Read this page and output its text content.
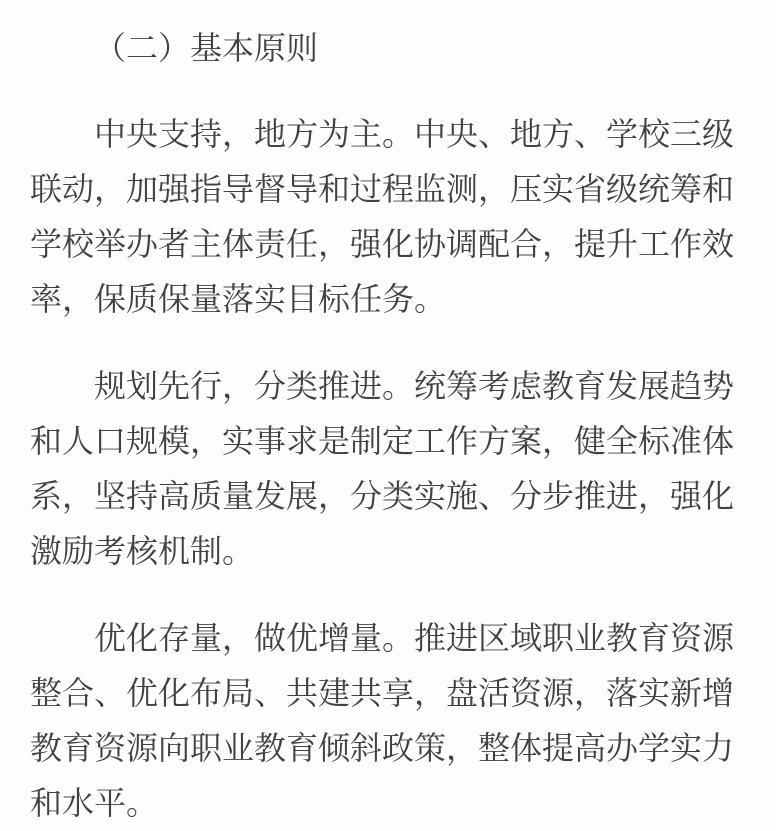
（二）基本原则

中央支持，地方为主。中央、地方、学校三级联动，加强指导督导和过程监测，压实省级统筹和学校举办者主体责任，强化协调配合，提升工作效率，保质保量落实目标任务。

规划先行，分类推进。统筹考虑教育发展趋势和人口规模，实事求是制定工作方案，健全标准体系，坚持高质量发展，分类实施、分步推进，强化激励考核机制。

优化存量，做优增量。推进区域职业教育资源整合、优化布局、共建共享，盘活资源，落实新增教育资源向职业教育倾斜政策，整体提高办学实力和水平。
